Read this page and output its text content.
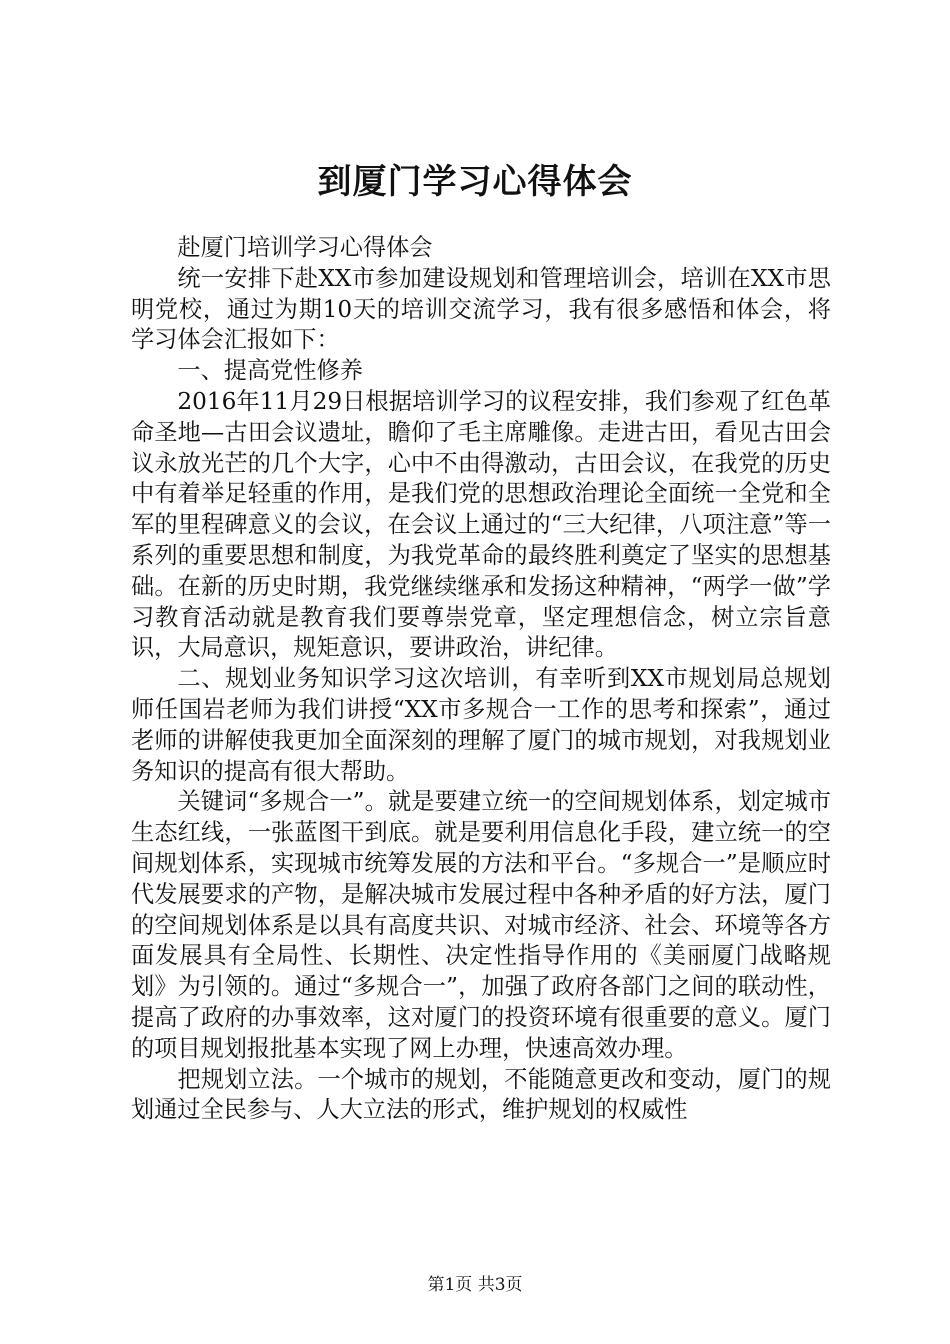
到厦门学习心得体会

赴厦门培训学习心得体会

统一安排下赴XX市参加建设规划和管理培训会，培训在XX市思明党校，通过为期10天的培训交流学习，我有很多感悟和体会，将学习体会汇报如下：

一、提高党性修养

2016年11月29日根据培训学习的议程安排，我们参观了红色革命圣地—古田会议遗址，瞻仰了毛主席雕像。走进古田，看见古田会议永放光芒的几个大字，心中不由得激动，古田会议，在我党的历史中有着举足轻重的作用，是我们党的思想政治理论全面统一全党和全军的里程碑意义的会议，在会议上通过的“三大纪律，八项注意”等一系列的重要思想和制度，为我党革命的最终胜利奠定了坚实的思想基础。在新的历史时期，我党继续继承和发扬这种精神，“两学一做”学习教育活动就是教育我们要尊崇党章，坚定理想信念，树立宗旨意识，大局意识，规矩意识，要讲政治，讲纪律。

二、规划业务知识学习这次培训，有幸听到XX市规划局总规划师任国岩老师为我们讲授“XX市多规合一工作的思考和探索”，通过老师的讲解使我更加全面深刻的理解了厦门的城市规划，对我规划业务知识的提高有很大帮助。

关键词“多规合一”。就是要建立统一的空间规划体系，划定城市生态红线，一张蓝图干到底。就是要利用信息化手段，建立统一的空间规划体系，实现城市统筹发展的方法和平台。“多规合一”是顺应时代发展要求的产物，是解决城市发展过程中各种矛盾的好方法，厦门的空间规划体系是以具有高度共识、对城市经济、社会、环境等各方面发展具有全局性、长期性、决定性指导作用的《美丽厦门战略规划》为引领的。通过“多规合一”，加强了政府各部门之间的联动性，提高了政府的办事效率，这对厦门的投资环境有很重要的意义。厦门的项目规划报批基本实现了网上办理，快速高效办理。

把规划立法。一个城市的规划，不能随意更改和变动，厦门的规划通过全民参与、人大立法的形式，维护规划的权威性

第1页 共3页
